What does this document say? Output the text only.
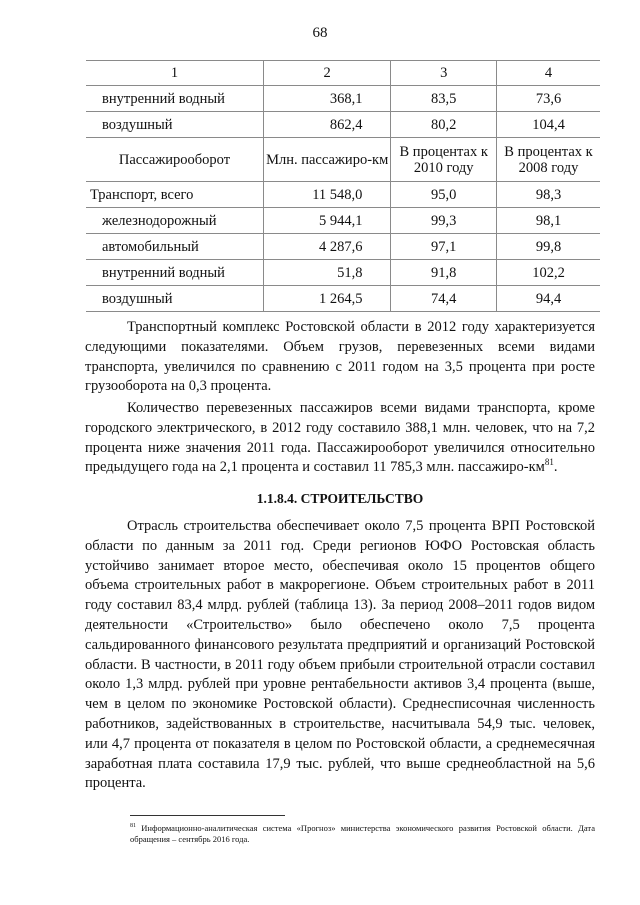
68
1	2	3	4
внутренний водный	368,1	83,5	73,6
воздушный	862,4	80,2	104,4
Пассажирооборот	Млн. пассажиро-км	В процентах к 2010 году	В процентах к 2008 году
Транспорт, всего	11 548,0	95,0	98,3
железнодорожный	5 944,1	99,3	98,1
автомобильный	4 287,6	97,1	99,8
внутренний водный	51,8	91,8	102,2
воздушный	1 264,5	74,4	94,4

Транспортный комплекс Ростовской области в 2012 году характеризуется следующими показателями. Объем грузов, перевезенных всеми видами транспорта, увеличился по сравнению с 2011 годом на 3,5 процента при росте грузооборота на 0,3 процента.

Количество перевезенных пассажиров всеми видами транспорта, кроме городского электрического, в 2012 году составило 388,1 млн. человек, что на 7,2 процента ниже значения 2011 года. Пассажирооборот увеличился относительно предыдущего года на 2,1 процента и составил 11 785,3 млн. пассажиро-$км^{81}$.

1.1.8.4. СТРОИТЕЛЬСТВО

Отрасль строительства обеспечивает около 7,5 процента ВРП Ростовской области по данным за 2011 год. Среди регионов ЮФО Ростовская область устойчиво занимает второе место, обеспечивая около 15 процентов общего объема строительных работ в макрорегионе. Объем строительных работ в 2011 году составил 83,4 млрд. рублей (таблица 13). За период 2008–2011 годов видом деятельности «Строительство» было обеспечено около 7,5 процента сальдированного финансового результата предприятий и организаций Ростовской области. В частности, в 2011 году объем прибыли строительной отрасли составил около 1,3 млрд. рублей при уровне рентабельности активов 3,4 процента (выше, чем в целом по экономике Ростовской области). Среднесписочная численность работников, задействованных в строительстве, насчитывала 54,9 тыс. человек, или 4,7 процента от показателя в целом по Ростовской области, а среднемесячная заработная плата составила 17,9 тыс. рублей, что выше среднеобластной на 5,6 процента.

$^{81}$ Информационно-аналитическая система «Прогноз» министерства экономического развития Ростовской области. Дата обращения – сентябрь 2016 года.
